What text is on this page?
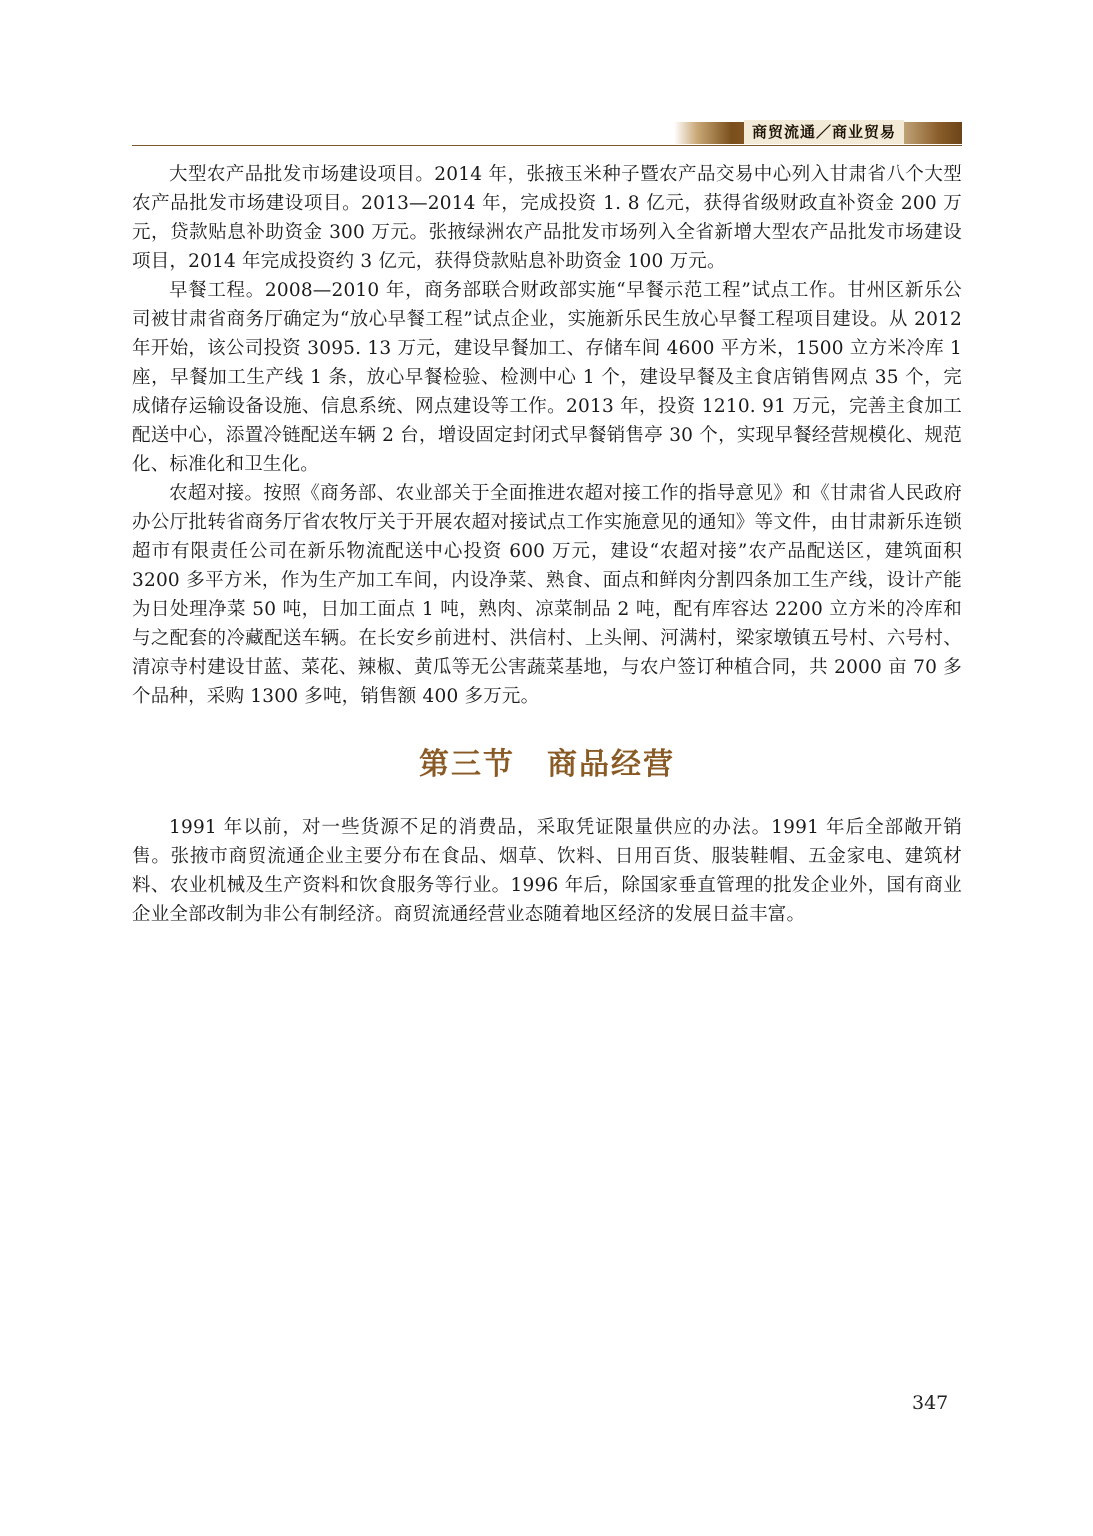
商贸流通／商业贸易

大型农产品批发市场建设项目。2014 年，张掖玉米种子暨农产品交易中心列入甘肃省八个大型农产品批发市场建设项目。2013—2014 年，完成投资 1. 8 亿元，获得省级财政直补资金 200 万元，贷款贴息补助资金 300 万元。张掖绿洲农产品批发市场列入全省新增大型农产品批发市场建设项目，2014 年完成投资约 3 亿元，获得贷款贴息补助资金 100 万元。

早餐工程。2008—2010 年，商务部联合财政部实施“早餐示范工程”试点工作。甘州区新乐公司被甘肃省商务厅确定为“放心早餐工程”试点企业，实施新乐民生放心早餐工程项目建设。从 2012 年开始，该公司投资 3095. 13 万元，建设早餐加工、存储车间 4600 平方米，1500 立方米冷库 1 座，早餐加工生产线 1 条，放心早餐检验、检测中心 1 个，建设早餐及主食店销售网点 35 个，完成储存运输设备设施、信息系统、网点建设等工作。2013 年，投资 1210. 91 万元，完善主食加工配送中心，添置冷链配送车辆 2 台，增设固定封闭式早餐销售亭 30 个，实现早餐经营规模化、规范化、标准化和卫生化。

农超对接。按照《商务部、农业部关于全面推进农超对接工作的指导意见》和《甘肃省人民政府办公厅批转省商务厅省农牧厅关于开展农超对接试点工作实施意见的通知》等文件，由甘肃新乐连锁超市有限责任公司在新乐物流配送中心投资 600 万元，建设“农超对接”农产品配送区，建筑面积 3200 多平方米，作为生产加工车间，内设净菜、熟食、面点和鲜肉分割四条加工生产线，设计产能为日处理净菜 50 吨，日加工面点 1 吨，熟肉、凉菜制品 2 吨，配有库容达 2200 立方米的冷库和与之配套的冷藏配送车辆。在长安乡前进村、洪信村、上头闸、河满村，梁家墩镇五号村、六号村、清凉寺村建设甘蓝、菜花、辣椒、黄瓜等无公害蔬菜基地，与农户签订种植合同，共 2000 亩 70 多个品种，采购 1300 多吨，销售额 400 多万元。

第三节　商品经营

1991 年以前，对一些货源不足的消费品，采取凭证限量供应的办法。1991 年后全部敞开销售。张掖市商贸流通企业主要分布在食品、烟草、饮料、日用百货、服装鞋帽、五金家电、建筑材料、农业机械及生产资料和饮食服务等行业。1996 年后，除国家垂直管理的批发企业外，国有商业企业全部改制为非公有制经济。商贸流通经营业态随着地区经济的发展日益丰富。

347
